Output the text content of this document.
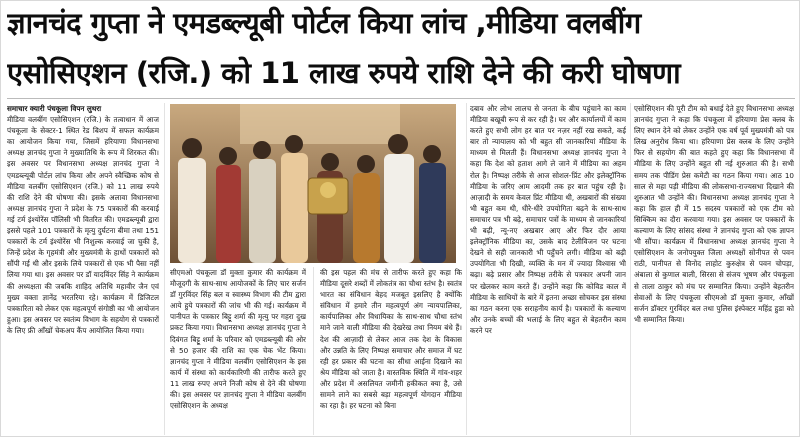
ज्ञानचंद गुप्ता ने एमडब्ल्यूबी पोर्टल किया लांच ,मीडिया वलबींग
एसोसिएशन (रजि.) को 11 लाख रुपये राशि देने की करी घोषणा

समाचार क्यारी पंचकूला विपन लुथरा

मीडिया वलबींग एसोसिएशन (रजि.) के तत्वाधान में आज पंचकूला के सेक्टर-1 स्थित रेड बिशप में सफल कार्यक्रम का आयोजन किया गया, जिसमें हरियाणा विधानसभा अध्यक्ष ज्ञानचंद गुप्ता ने मुख्यातिथि के रूप में शिरकत की। इस अवसर पर विधानसभा अध्यक्ष ज्ञानचंद गुप्ता ने एमडब्ल्यूबी पोर्टल लांच किया और अपने स्वैच्छिक कोष से मीडिया वलबींग एसोसिएशन (रजि.) को 11 लाख रुपये की राशि देने की घोषणा की। इसके अलावा विधानसभा अध्यक्ष ज्ञानचंद गुप्ता ने प्रदेश के 75 पत्रकारों की करवाई गई टर्म इंश्योरेंस पॉलिसी भी वितरित की। एमडब्ल्यूबी द्वारा इससे पहले 101 पत्रकारों के मृत्यु दुर्घटना बीमा तथा 151 पत्रकारों के टर्म इंश्योरेंस भी निशुल्क करवाई जा चुकी है, जिन्हें प्रदेश के गृहमंत्री और मुख्यमंत्री के हाथों पत्रकारों को सौंपी गई थी और इसके लिये पत्रकारों से एक भी पैसा नहीं लिया गया था। इस अवसर पर डॉ यादविंदर सिंह ने कार्यक्रम की अध्यक्षता की जबकि शाहिद अतिथि महावीर जैन एवं मुख्य वक्ता ज्ञानेंद्र भरतरिया रहे। कार्यक्रम में डिजिटल पत्रकारिता को लेकर एक महत्वपूर्ण संगोष्ठी का भी आयोजन हुआ। इस अवसर पर स्वतंत्र्य विभाग के सहयोग से पत्रकारों के लिए फ्री आँखों चेकअप कैंप आयोजित किया गया।

सीएमओ पंचकूला डॉ मुक्ता कुमार की कार्यक्रम में मौजूदगी के साथ-साथ आयोजकों के लिए चार सर्जन डॉ गुरविंदर सिंह बल व स्वास्थ्य विभाग की टीम द्वारा आये हुये पत्रकारों की जांच भी की गई। कार्यक्रम में पानीपत के पत्रकार बिट्टू शर्मा की मृत्यु पर गहरा दुख प्रकट किया गया। विधानसभा अध्यक्ष ज्ञानचंद गुप्ता ने दिवंगत बिट्टू शर्मा के परिवार को एमडब्ल्यूबी की ओर से 50 हजार की राशि का एक चेक भेंट किया। ज्ञानचंद गुप्ता ने मीडिया वलबींग एसोसिएशन के इस कार्य में संस्था को कार्यकारिणी की तारीफ करते हुए 11 लाख रुपए अपने निजी कोष से देने की घोषणा की। इस अवसर पर ज्ञानचंद गुप्ता ने मीडिया वलबींग एसोसिएशन के अध्यक्ष

की इस पहल की मंच से तारीफ करते हुए कहा कि मीडिया दूसरे शब्दों में लोकतंत्र का चौथा स्तंभ है। स्वतंत्र भारत का संविधान बेहद मजबूत इसलिए है क्योंकि संविधान में हमारे तीन महत्वपूर्ण अंग न्यायपालिका, कार्यपालिका और विधायिका के साथ-साथ चौथा स्तंभ माने जाने वाली मीडिया की देखरेख तथा नियम बंधे हैं। देश की आज़ादी से लेकर आज तक देश के विकास और उन्नति के लिए निष्पक्ष समाचार और समाज में घट रही हर प्रकार की घटना का सीधा आईना दिखाने का श्रेय मीडिया को जाता है। वास्तविक स्थिति में गांव-शहर और प्रदेश में असलियत जमीनी हकीकत क्या है, उसे सामने लाने का सबसे बड़ा महत्वपूर्ण योगदान मीडिया का रहा है। हर घटना को बिना

दबाव और लोभ लालच से जनता के बीच पहुंचाने का काम मीडिया बखूबी रूप से कर रही है। घर और कार्यालयों में काम करते हुए सभी लोग हर बात पर नज़र नहीं रख सकते, कई बार तो न्यायालय को भी बहुत सी जानकारियां मीडिया के माध्यम से मिलती हैं। विधानसभा अध्यक्ष ज्ञानचंद गुप्ता ने कहा कि देश को हताश आगे ले जाने में मीडिया का अहम रोल है। निष्पक्ष तरीके से आज सोशल-प्रिंट और इलेक्ट्रॉनिक मीडिया के जरिए आम आदमी तक हर बात पहुंच रही है। आज़ादी के समय केवल प्रिंट मीडिया थी, अखबारों की संख्या भी बहुत कम थी, धीरे-धीरे उपयोगिता बढ़ने के साथ-साथ समाचार पत्र भी बढ़े, समाचार पत्रों के माध्यम से जानकारियां भी बढ़ी, न्यू-नए अखबार आए और फिर दौर आया इलेक्ट्रॉनिक मीडिया का, उसके बाद टेलीविजन पर घटना देखने से सही जानकारी भी पहुँचने लगी। मीडिया को बढ़ी उपयोगिता भी दिखी, व्यक्ति के मन में ज्यादा विश्वास भी बढ़ा। बढ़े प्रसार और निष्पक्ष तरीके से पत्रकार अपनी जान पर खेलकर काम करते हैं। उन्होंने कहा कि कोविड काल में मीडिया के साथियों के बारे में इतना अच्छा सोचकर इस संस्था का गठन करना एक सराहनीय कार्य है। पत्रकारों के कल्याण और उनके बच्चों की भलाई के लिए बहुत से बेहतरीन काम करने पर

एसोसिएशन की पूरी टीम को बधाई देते हुए विधानसभा अध्यक्ष ज्ञानचंद गुप्ता ने कहा कि पंचकूला में हरियाणा प्रेस क्लब के लिए स्थान देने को लेकर उन्होंने एक वर्ष पूर्व मुख्यमंत्री को पत्र लिख अनुरोध किया था। हरियाणा प्रेस क्लब के लिए उन्होंने फिर से सहयोग की बात कहते हुए कहा कि विधानसभा में मीडिया के लिए उन्होंने बहुत सी नई शुरुआत की है। सभी समय तक पीडिंग प्रेस कमेटी का गठन किया गया। आठ 10 साल से महा पड़ी मीडिया की लोकसभा-राज्यसभा दिखाने की शुरुआत भी उन्होंने की। विधानसभा अध्यक्ष ज्ञानचंद गुप्ता ने कहा कि हाल ही में 15 सदस्य पत्रकारों को एक टीम को सिक्किम का दौरा करवाया गया। इस अवसर पर पत्रकारों के कल्याण के लिए सांसद संस्था ने ज्ञानचंद गुप्ता को एक ज्ञापन भी सौंपा। कार्यक्रम में विधानसभा अध्यक्ष ज्ञानचंद गुप्ता ने एसोसिएशन के जनोपयुक्त जिला अध्यक्षों सोनीपत से पवन राठी, पानीपत से विनोद लाहोट कुरुक्षेत्र से पवन चोपड़ा, अंबाला से कुणाल बाली, सिरसा से संजय भूषण और पंचकूला से ताला ठाकुर को मंच पर सम्मानित किया। उन्होंने बेहतरीन सेवाओं के लिए पंचकूला सीएमओ डॉ मुक्ता कुमार, आँखों सर्जन डॉक्टर गुरविंदर बल तथा पुलिस इंस्पेक्टर महिंद्र हुडा को भी सम्मानित किया।
